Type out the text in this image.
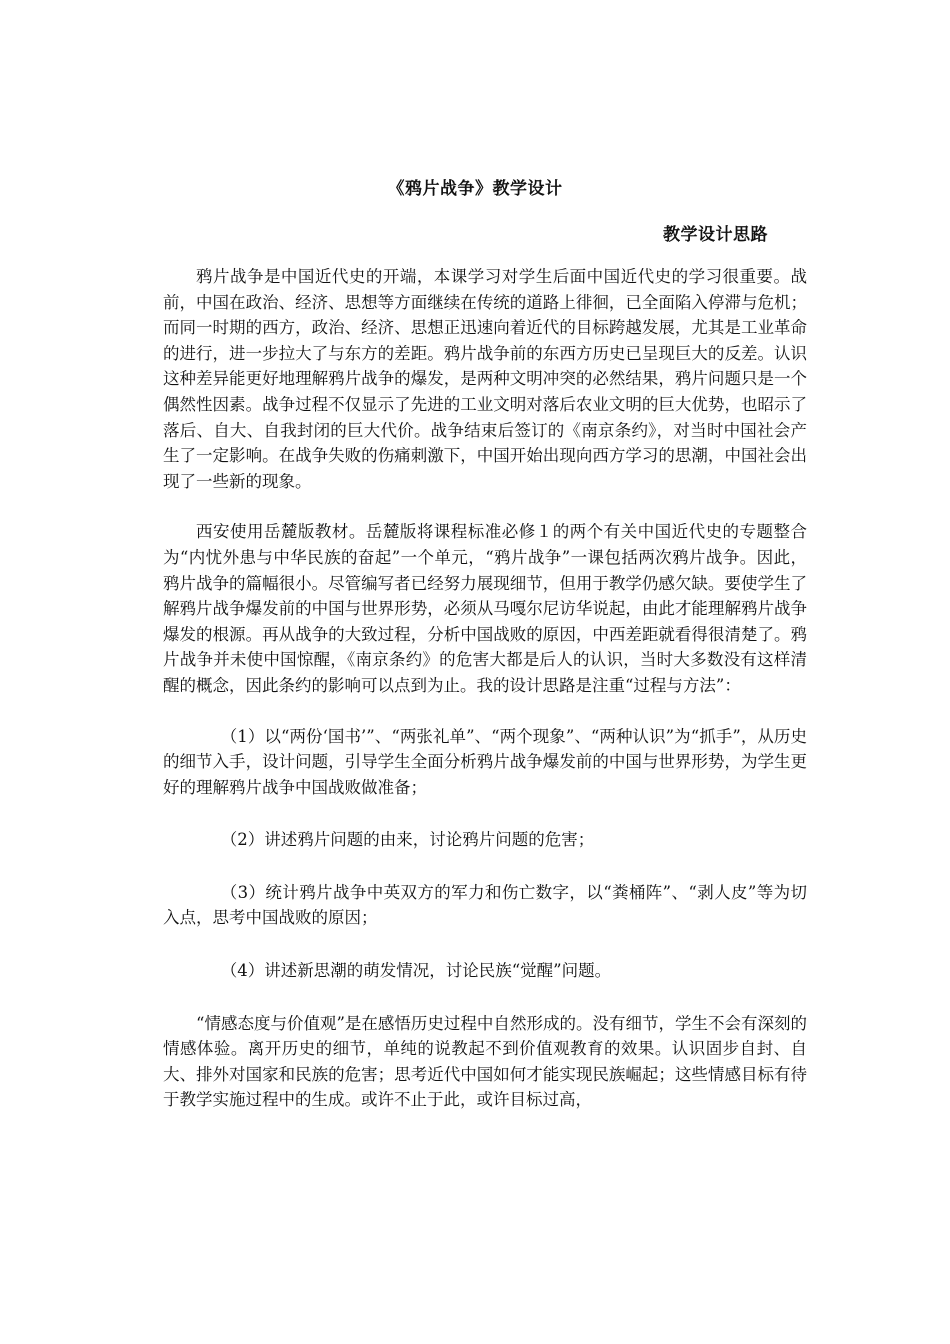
《鸦片战争》教学设计
教学设计思路

鸦片战争是中国近代史的开端，本课学习对学生后面中国近代史的学习很重要。战前，中国在政治、经济、思想等方面继续在传统的道路上徘徊，已全面陷入停滞与危机；而同一时期的西方，政治、经济、思想正迅速向着近代的目标跨越发展，尤其是工业革命的进行，进一步拉大了与东方的差距。鸦片战争前的东西方历史已呈现巨大的反差。认识这种差异能更好地理解鸦片战争的爆发，是两种文明冲突的必然结果，鸦片问题只是一个偶然性因素。战争过程不仅显示了先进的工业文明对落后农业文明的巨大优势，也昭示了落后、自大、自我封闭的巨大代价。战争结束后签订的《南京条约》，对当时中国社会产生了一定影响。在战争失败的伤痛刺激下，中国开始出现向西方学习的思潮，中国社会出现了一些新的现象。

西安使用岳麓版教材。岳麓版将课程标准必修１的两个有关中国近代史的专题整合为“内忧外患与中华民族的奋起”一个单元，“鸦片战争”一课包括两次鸦片战争。因此，鸦片战争的篇幅很小。尽管编写者已经努力展现细节，但用于教学仍感欠缺。要使学生了解鸦片战争爆发前的中国与世界形势，必须从马嘎尔尼访华说起，由此才能理解鸦片战争爆发的根源。再从战争的大致过程，分析中国战败的原因，中西差距就看得很清楚了。鸦片战争并未使中国惊醒，《南京条约》的危害大都是后人的认识，当时大多数没有这样清醒的概念，因此条约的影响可以点到为止。我的设计思路是注重“过程与方法”：

（1）以“两份‘国书’”、“两张礼单”、“两个现象”、“两种认识”为“抓手”，从历史的细节入手，设计问题，引导学生全面分析鸦片战争爆发前的中国与世界形势，为学生更好的理解鸦片战争中国战败做准备；

（2）讲述鸦片问题的由来，讨论鸦片问题的危害；

（3）统计鸦片战争中英双方的军力和伤亡数字，以“粪桶阵”、“剥人皮”等为切入点，思考中国战败的原因；

（4）讲述新思潮的萌发情况，讨论民族“觉醒”问题。

“情感态度与价值观”是在感悟历史过程中自然形成的。没有细节，学生不会有深刻的情感体验。离开历史的细节，单纯的说教起不到价值观教育的效果。认识固步自封、自大、排外对国家和民族的危害；思考近代中国如何才能实现民族崛起；这些情感目标有待于教学实施过程中的生成。或许不止于此，或许目标过高，
